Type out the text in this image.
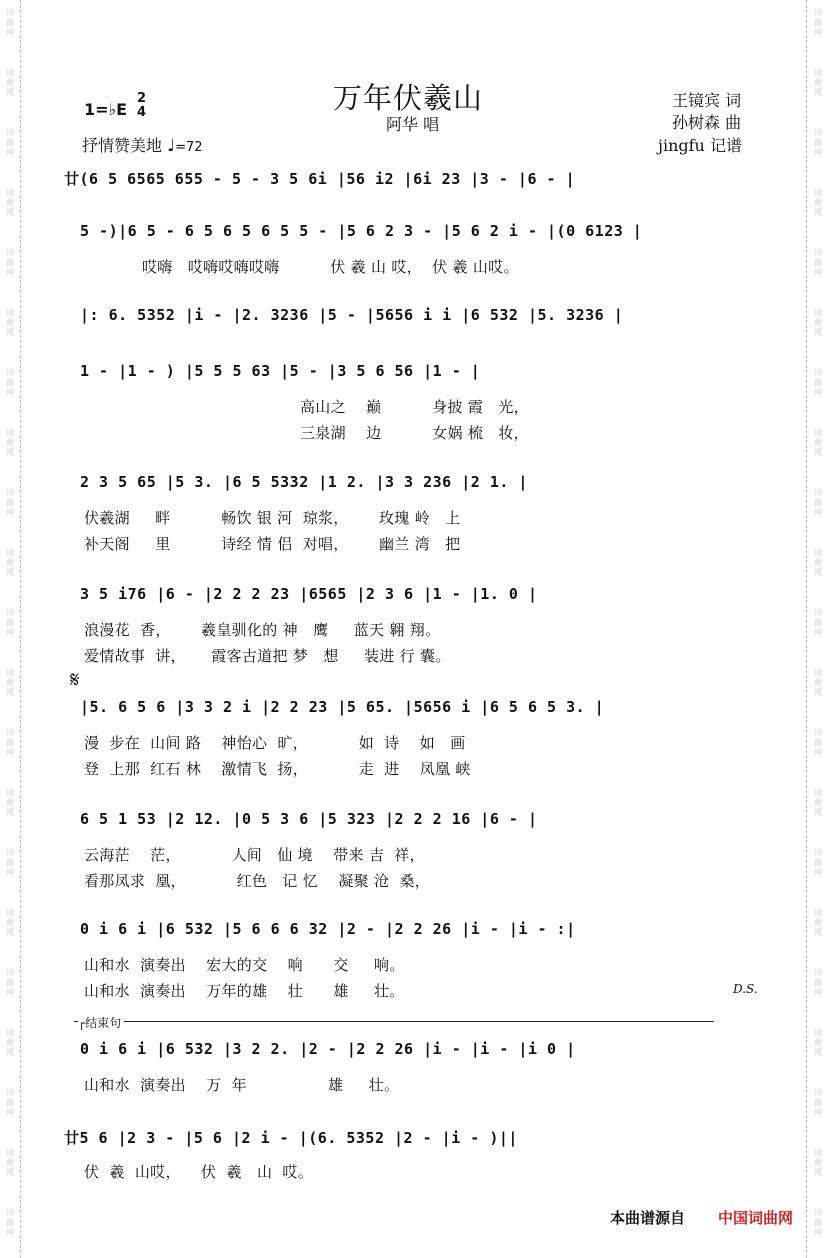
词
曲
网
词
曲
网
词
曲
网
词
曲
网
词
曲
网
词
曲
网
词
曲
网
词
曲
网
词
曲
网
词
曲
网
词
曲
网
词
曲
网
词
曲
网
词
曲
网
词
曲
网
词
曲
网
词
曲
网
词
曲
网
词
曲
网
词
曲
网
词
曲
网
词
曲
网
词
曲
网
词
曲
网
词
曲
网
词
曲
网
词
曲
网
词
曲
网
词
曲
网
词
曲
网
词
曲
网
词
曲
网
词
曲
网
词
曲
网
词
曲
网
词
曲
网
词
曲
网
词
曲
网
词
曲
网
词
曲
网
词
曲
网
词
曲
网
万年伏羲山
阿华 唱
1=♭E
2
4
抒情赞美地 ♩=72
王镜宾 词
孙树森 曲
jingfu 记谱
廿(6 5 6565 655 - 5 - 3 5 6i |56 i2 |6i 23 |3 - |6 - |
5 -)|6 5 - 6 5 6 5 6 5 5 - |5 6 2 3 - |5 6 2 i - |(0 6123 |
哎嗨   哎嗨哎嗨哎嗨          伏 羲 山 哎，  伏 羲 山哎。
|: 6. 5352 |i - |2. 3236 |5 - |5656 i i |6 532 |5. 3236 |
1 - |1 - ) |5 5 5 63 |5 - |3 5 6 56 |1 - |
高山之    巅          身披 霞   光，
三泉湖    边          女娲 梳   妆，
2 3 5 65 |5 3. |6 5 5332 |1 2. |3 3 236 |2 1. |
伏羲湖     畔          畅饮 银 河  琼浆，      玫瑰 岭   上
补天阁     里          诗经 情 侣  对唱，      幽兰 湾   把
3 5 i76 |6 - |2 2 2 23 |6565 |2 3 6 |1 - |1. 0 |
浪漫花  香，      羲皇驯化的 神   鹰     蓝天 翱 翔。
爱情故事  讲，     霞客古道把 梦   想     装进 行 囊。
|5. 6 5 6 |3 3 2 i |2 2 23 |5 65. |5656 i |6 5 6 5 3. |
漫  步在  山间 路    神怡心  旷，          如  诗    如   画
登  上那  红石 林    激情飞  扬，          走  进    凤凰 峡
6 5 1 53 |2 12. |0 5 3 6 |5 323 |2 2 2 16 |6 - |
云海茫    茫，          人间   仙 境    带来 吉  祥，
看那凤求  凰，          红色   记 忆    凝聚 沧  桑，
0 i 6 i |6 532 |5 6 6 6 32 |2 - |2 2 26 |i - |i - :|
山和水  演奏出    宏大的交    响      交     响。
山和水  演奏出    万年的雄    壮      雄     壮。
0 i 6 i |6 532 |3 2 2. |2 - |2 2 26 |i - |i - |i 0 |
山和水  演奏出    万  年                雄     壮。
廿5 6 |2 3 - |5 6 |2 i - |(6. 5352 |2 - |i - )||
伏  羲  山哎，    伏  羲   山  哎。
𝄋
D.S.
┌结束句
本曲谱源自 中国词曲网
